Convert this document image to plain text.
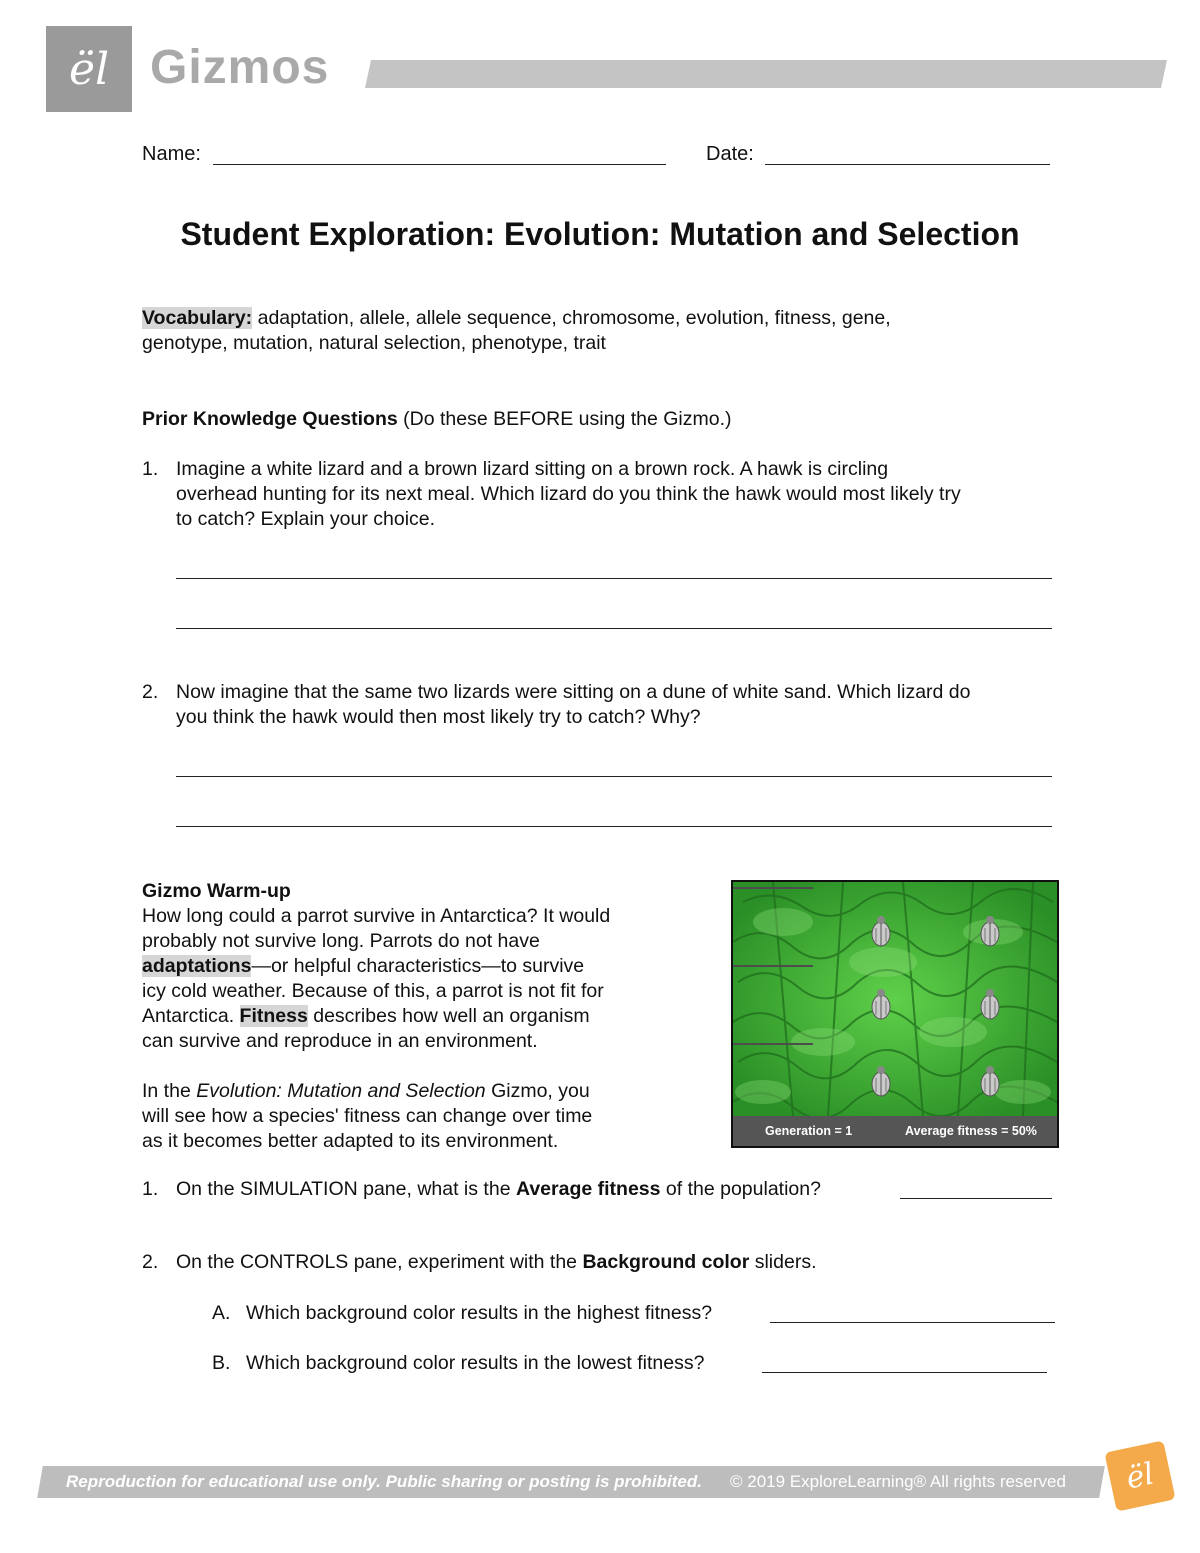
ël Gizmos
Name:	Date:
Student Exploration: Evolution: Mutation and Selection
Vocabulary: adaptation, allele, allele sequence, chromosome, evolution, fitness, gene,
genotype, mutation, natural selection, phenotype, trait
Prior Knowledge Questions (Do these BEFORE using the Gizmo.)
1. Imagine a white lizard and a brown lizard sitting on a brown rock. A hawk is circling
overhead hunting for its next meal. Which lizard do you think the hawk would most likely try
to catch? Explain your choice.
2. Now imagine that the same two lizards were sitting on a dune of white sand. Which lizard do
you think the hawk would then most likely try to catch? Why?
Gizmo Warm-up
How long could a parrot survive in Antarctica? It would
probably not survive long. Parrots do not have
adaptations—or helpful characteristics—to survive
icy cold weather. Because of this, a parrot is not fit for
Antarctica. Fitness describes how well an organism
can survive and reproduce in an environment.
In the Evolution: Mutation and Selection Gizmo, you
will see how a species' fitness can change over time
as it becomes better adapted to its environment.	Generation = 1	Average fitness = 50%
1. On the SIMULATION pane, what is the Average fitness of the population?
2. On the CONTROLS pane, experiment with the Background color sliders.
A. Which background color results in the highest fitness?
B. Which background color results in the lowest fitness?
Reproduction for educational use only. Public sharing or posting is prohibited. © 2019 ExploreLearning® All rights reserved ël
